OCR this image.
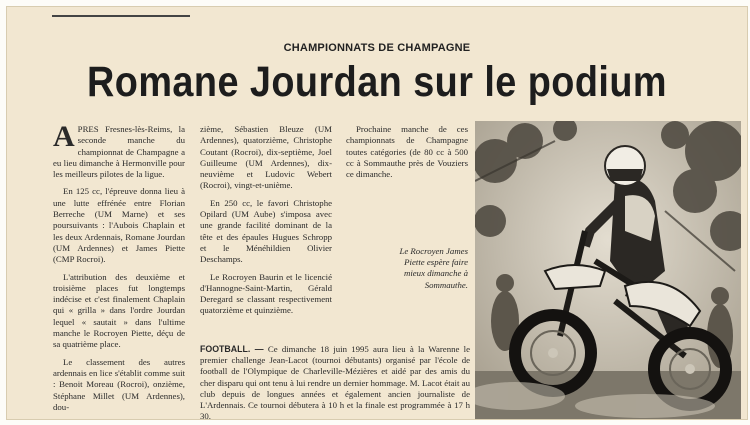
CHAMPIONNATS DE CHAMPAGNE
Romane Jourdan sur le podium

APRES Fresnes-lès-Reims, la seconde manche du championnat de Champagne a eu lieu dimanche à Hermonville pour les meilleurs pilotes de la ligue.

En 125 cc, l'épreuve donna lieu à une lutte effrénée entre Florian Berreche (UM Marne) et ses poursuivants : l'Aubois Chaplain et les deux Ardennais, Romane Jourdan (UM Ardennes) et James Piette (CMP Rocroi).

L'attribution des deuxième et troisième places fut longtemps indécise et c'est finalement Chaplain qui « grilla » dans l'ordre Jourdan lequel « sautait » dans l'ultime manche le Rocroyen Piette, déçu de sa quatrième place.

Le classement des autres ardennais en lice s'établit comme suit : Benoit Moreau (Rocroi), onzième, Stéphane Millet (UM Ardennes), dou-

zième, Sébastien Bleuze (UM Ardennes), quatorzième, Christophe Coutant (Rocroi), dix-septième, Joel Guilleume (UM Ardennes), dix-neuvième et Ludovic Webert (Rocroi), vingt-et-unième.

En 250 cc, le favori Christophe Opilard (UM Aube) s'imposa avec une grande facilité dominant de la tête et des épaules Hugues Schropp et le Ménéhildien Olivier Deschamps.

Le Rocroyen Baurin et le licencié d'Hannogne-Saint-Martin, Gérald Deregard se classant respectivement quatorzième et quinzième.

Prochaine manche de ces championnats de Champagne toutes catégories (de 80 cc à 500 cc à Sommauthe près de Vouziers ce dimanche.

Le Rocroyen James Piette espère faire mieux dimanche à Sommauthe.
FOOTBALL. — Ce dimanche 18 juin 1995 aura lieu à la Warenne le premier challenge Jean-Lacot (tournoi débutants) organisé par l'école de football de l'Olympique de Charleville-Mézières et aidé par des amis du cher disparu qui ont tenu à lui rendre un dernier hommage. M. Lacot était au club depuis de longues années et également ancien journaliste de L'Ardennais. Ce tournoi débutera à 10 h et la finale est programmée à 17 h 30.
